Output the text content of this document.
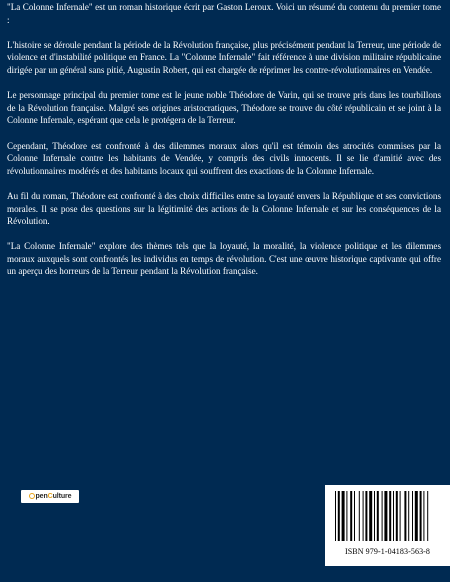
"La Colonne Infernale" est un roman historique écrit par Gaston Leroux. Voici un résumé du contenu du premier tome :

L'histoire se déroule pendant la période de la Révolution française, plus précisément pendant la Terreur, une période de violence et d'instabilité politique en France. La "Colonne Infernale" fait référence à une division militaire républicaine dirigée par un général sans pitié, Augustin Robert, qui est chargée de réprimer les contre-révolutionnaires en Vendée.

Le personnage principal du premier tome est le jeune noble Théodore de Varin, qui se trouve pris dans les tourbillons de la Révolution française. Malgré ses origines aristocratiques, Théodore se trouve du côté républicain et se joint à la Colonne Infernale, espérant que cela le protégera de la Terreur.

Cependant, Théodore est confronté à des dilemmes moraux alors qu'il est témoin des atrocités commises par la Colonne Infernale contre les habitants de Vendée, y compris des civils innocents. Il se lie d'amitié avec des révolutionnaires modérés et des habitants locaux qui souffrent des exactions de la Colonne Infernale.

Au fil du roman, Théodore est confronté à des choix difficiles entre sa loyauté envers la République et ses convictions morales. Il se pose des questions sur la légitimité des actions de la Colonne Infernale et sur les conséquences de la Révolution.

"La Colonne Infernale" explore des thèmes tels que la loyauté, la moralité, la violence politique et les dilemmes moraux auxquels sont confrontés les individus en temps de révolution. C'est une œuvre historique captivante qui offre un aperçu des horreurs de la Terreur pendant la Révolution française.

penCulture
ISBN 979-1-04183-563-8
